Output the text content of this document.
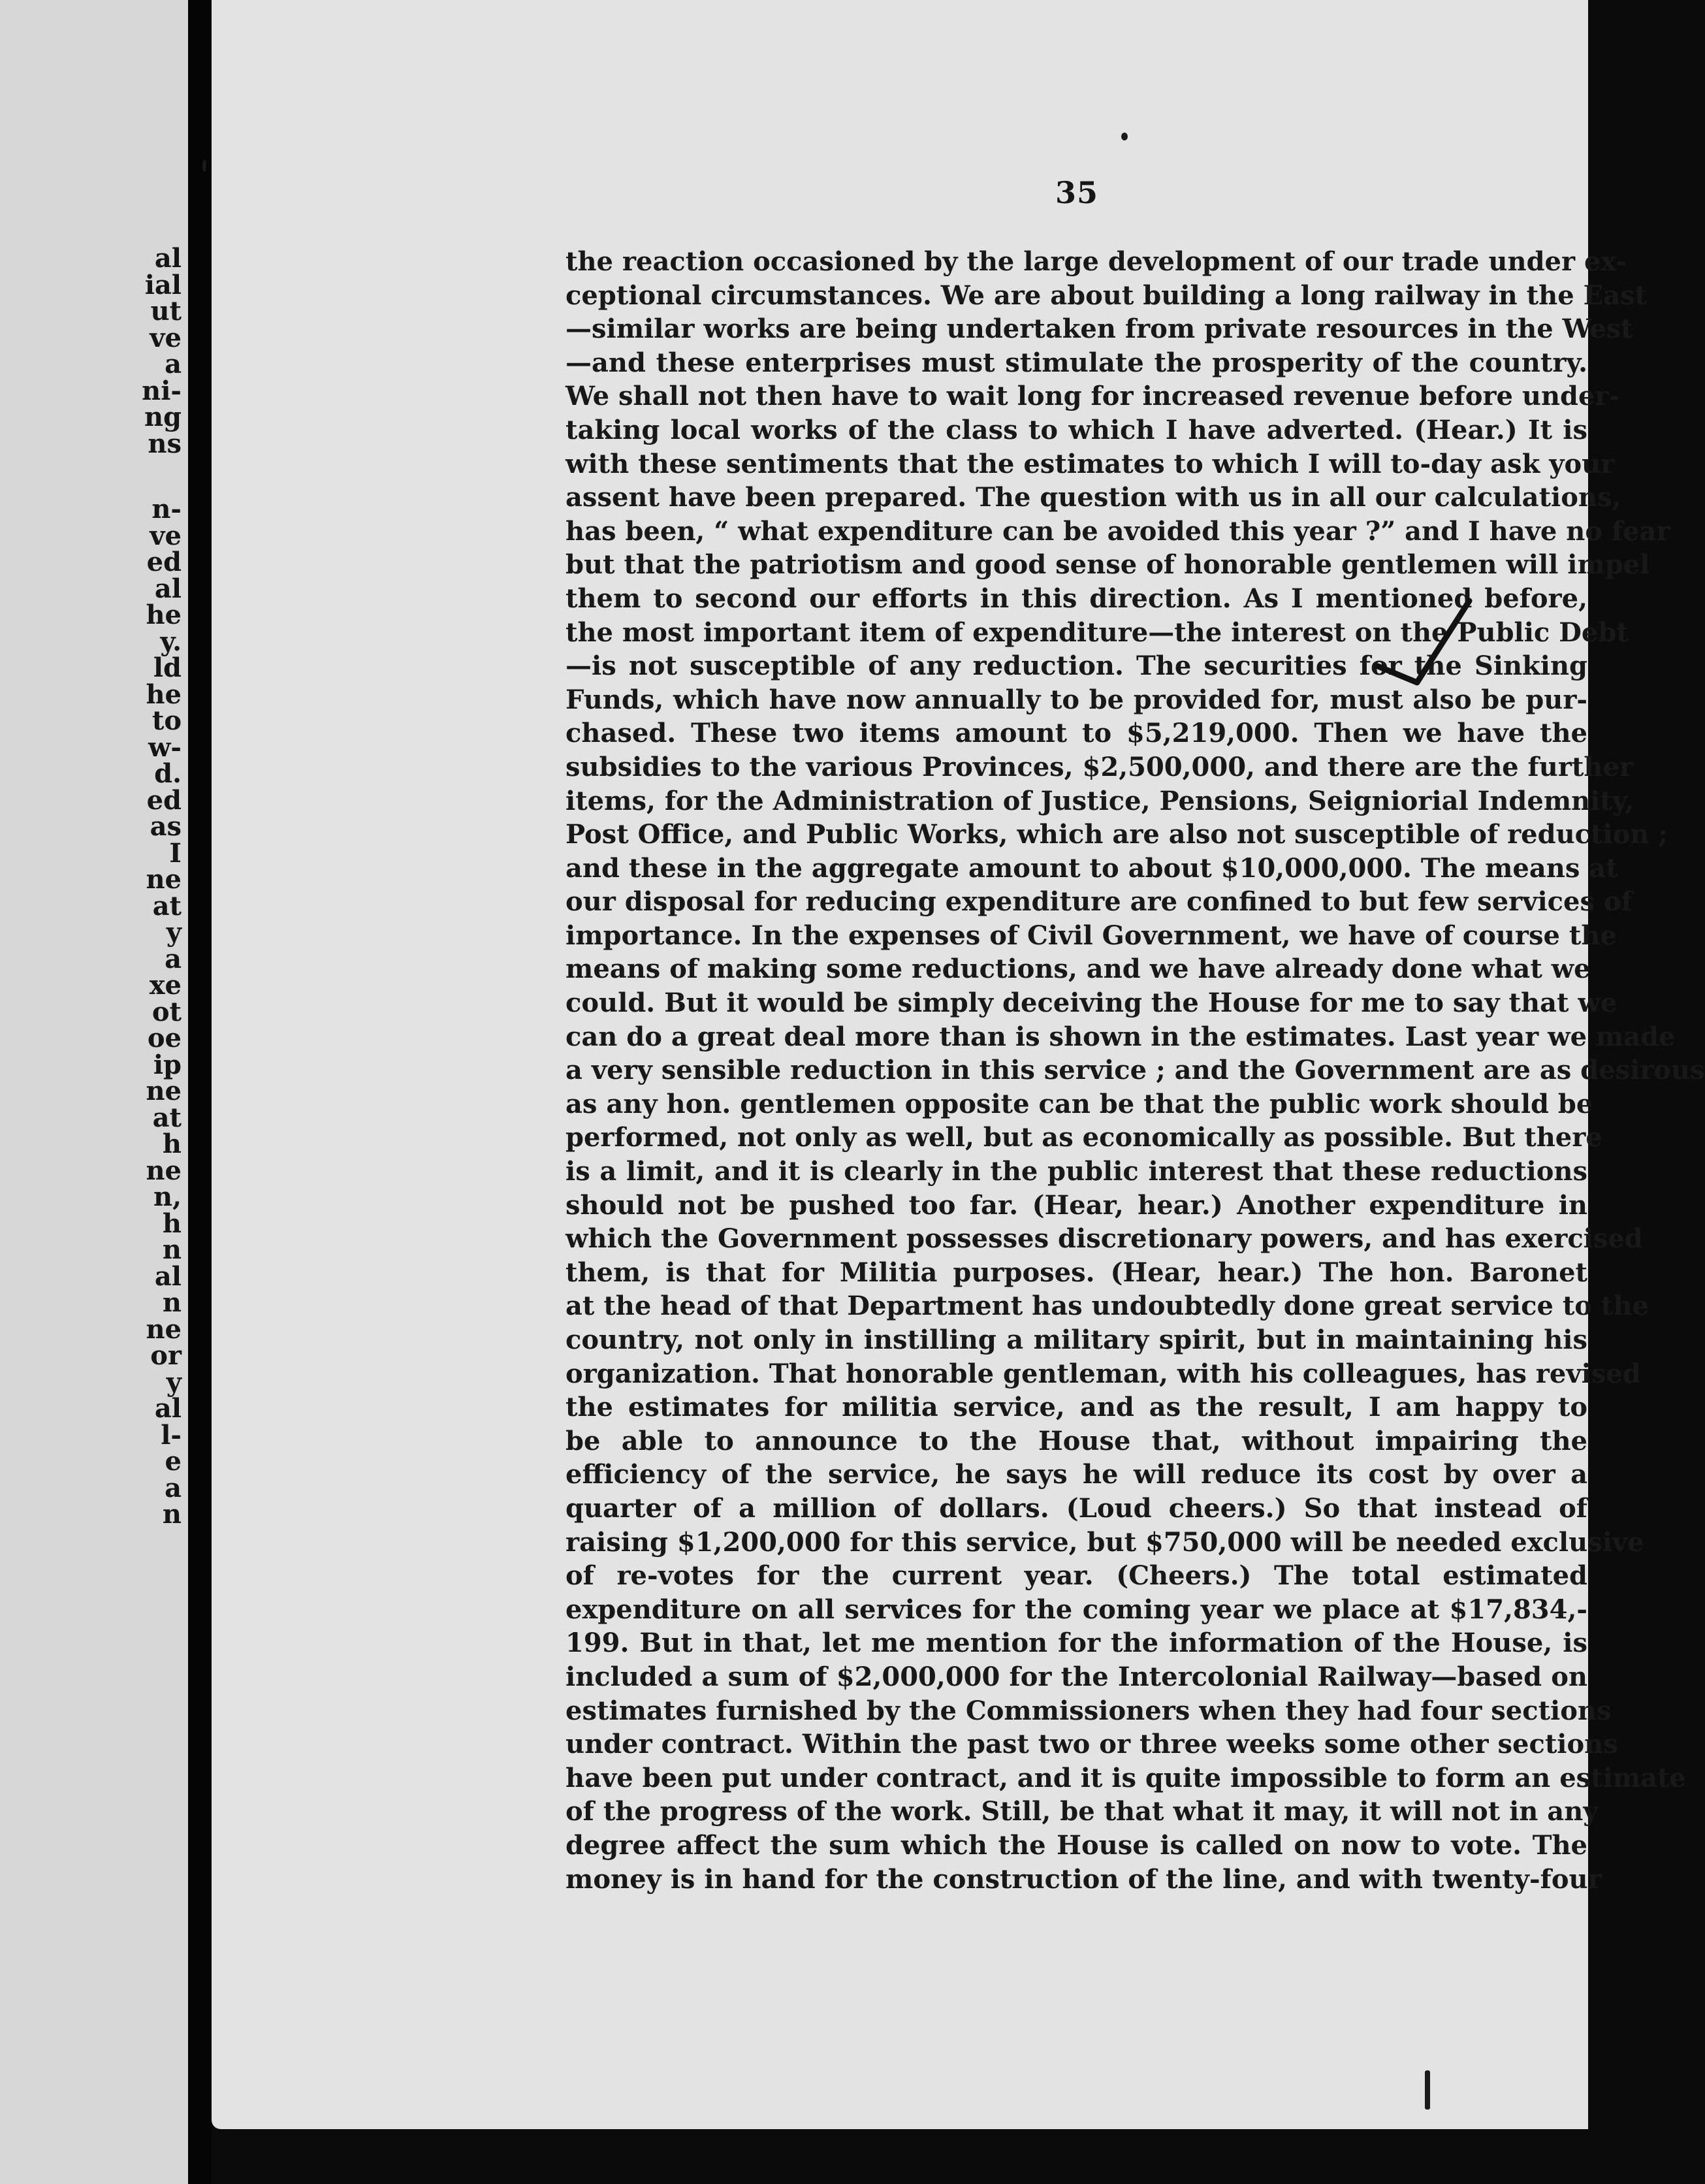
al
ial
ut
ve
a
ni-
ng
ns
n-
ve
ed
al
he
y.
ld
he
to
w-
d.
ed
as
I
ne
at
y
a
xe
ot
oe
ip
ne
at
h
ne
n,
h
n
al
n
ne
or
y
al
l-
e
a
n
35
the reaction occasioned by the large development of our trade under ex-
ceptional circumstances. We are about building a long railway in the East
—similar works are being undertaken from private resources in the West
—and these enterprises must stimulate the prosperity of the country.
We shall not then have to wait long for increased revenue before under-
taking local works of the class to which I have adverted. (Hear.) It is
with these sentiments that the estimates to which I will to-day ask your
assent have been prepared. The question with us in all our calculations,
has been, “ what expenditure can be avoided this year ?” and I have no fear
but that the patriotism and good sense of honorable gentlemen will impel
them to second our efforts in this direction. As I mentioned before,
the most important item of expenditure—the interest on the Public Debt
—is not susceptible of any reduction. The securities for the Sinking
Funds, which have now annually to be provided for, must also be pur-
chased. These two items amount to $5,219,000. Then we have the
subsidies to the various Provinces, $2,500,000, and there are the further
items, for the Administration of Justice, Pensions, Seigniorial Indemnity,
Post Office, and Public Works, which are also not susceptible of reduction ;
and these in the aggregate amount to about $10,000,000. The means at
our disposal for reducing expenditure are confined to but few services of
importance. In the expenses of Civil Government, we have of course the
means of making some reductions, and we have already done what we
could. But it would be simply deceiving the House for me to say that we
can do a great deal more than is shown in the estimates. Last year we made
a very sensible reduction in this service ; and the Government are as desirous
as any hon. gentlemen opposite can be that the public work should be
performed, not only as well, but as economically as possible. But there
is a limit, and it is clearly in the public interest that these reductions
should not be pushed too far. (Hear, hear.) Another expenditure in
which the Government possesses discretionary powers, and has exercised
them, is that for Militia purposes. (Hear, hear.) The hon. Baronet
at the head of that Department has undoubtedly done great service to the
country, not only in instilling a military spirit, but in maintaining his
organization. That honorable gentleman, with his colleagues, has revised
the estimates for militia service, and as the result, I am happy to
be able to announce to the House that, without impairing the
efficiency of the service, he says he will reduce its cost by over a
quarter of a million of dollars. (Loud cheers.) So that instead of
raising $1,200,000 for this service, but $750,000 will be needed exclusive
of re-votes for the current year. (Cheers.) The total estimated
expenditure on all services for the coming year we place at $17,834,-
199. But in that, let me mention for the information of the House, is
included a sum of $2,000,000 for the Intercolonial Railway—based on
estimates furnished by the Commissioners when they had four sections
under contract. Within the past two or three weeks some other sections
have been put under contract, and it is quite impossible to form an estimate
of the progress of the work. Still, be that what it may, it will not in any
degree affect the sum which the House is called on now to vote. The
money is in hand for the construction of the line, and with twenty-four
